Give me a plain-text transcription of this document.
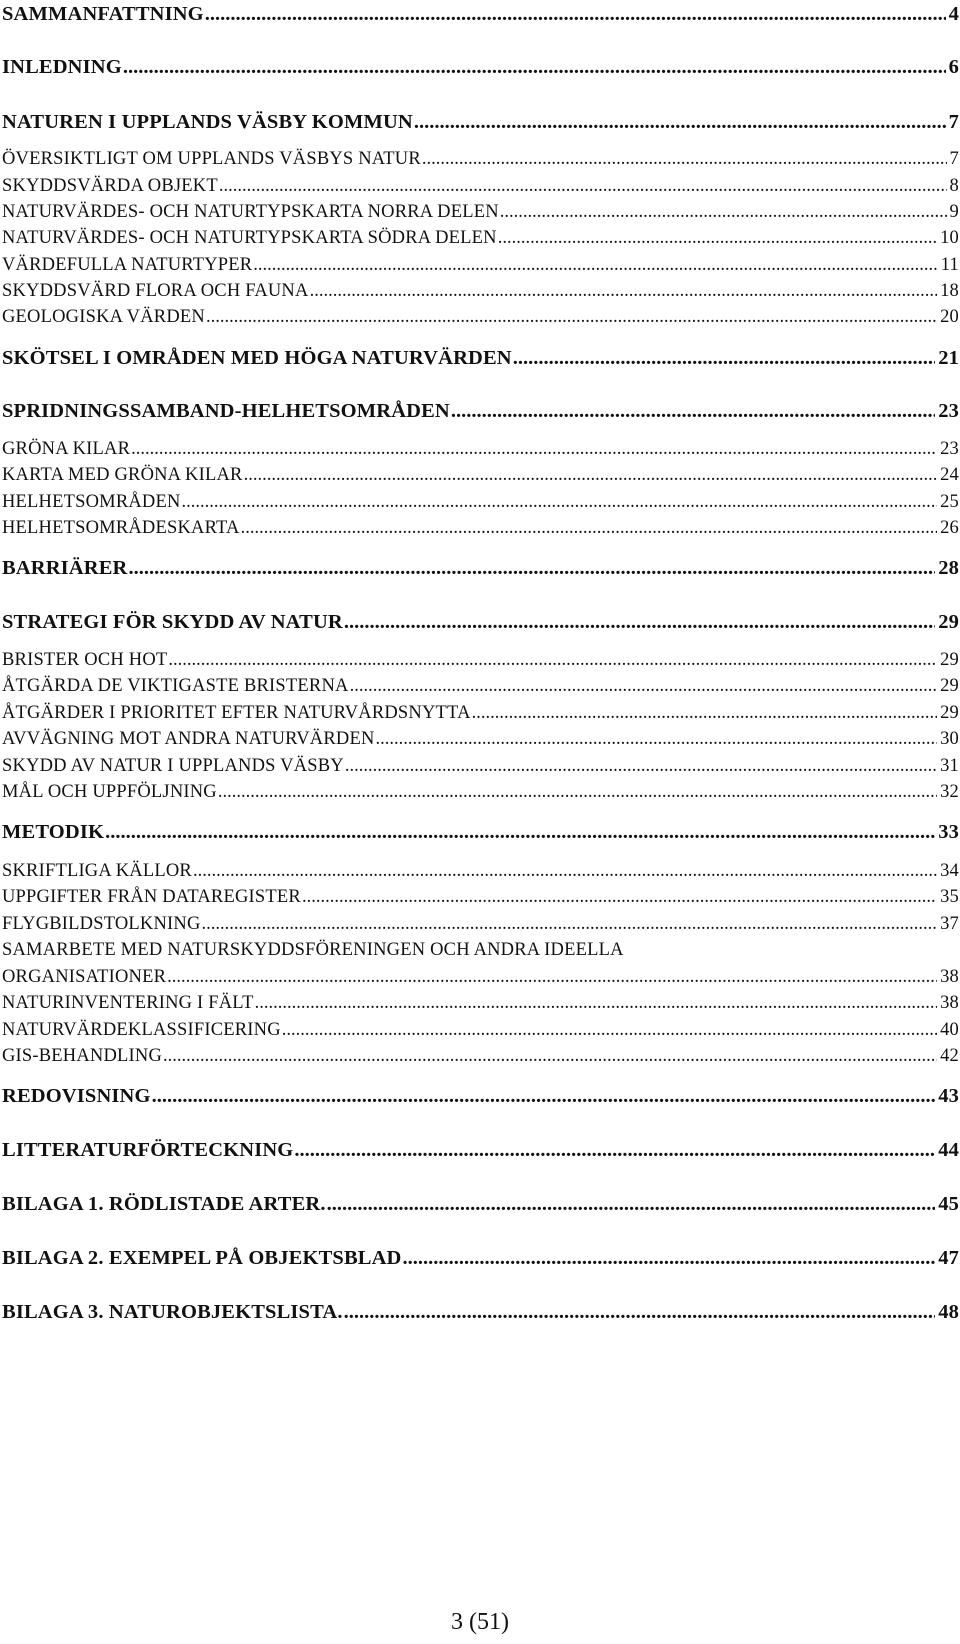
SAMMANFATTNING .....	4
INLEDNING .....	6
NATUREN I UPPLANDS VÄSBY KOMMUN .....	7
ÖVERSIKTLIGT OM UPPLANDS VÄSBYS NATUR .....	7
SKYDDSVÄRDA OBJEKT .....	8
NATURVÄRDES- OCH NATURTYPSKARTA NORRA DELEN .....	9
NATURVÄRDES- OCH NATURTYPSKARTA SÖDRA DELEN .....	10
VÄRDEFULLA NATURTYPER .....	11
SKYDDSVÄRD FLORA OCH FAUNA .....	18
GEOLOGISKA VÄRDEN .....	20
SKÖTSEL I OMRÅDEN MED HÖGA NATURVÄRDEN .....	21
SPRIDNINGSSAMBAND-HELHETSOMRÅDEN .....	23
GRÖNA KILAR .....	23
KARTA MED GRÖNA KILAR .....	24
HELHETSOMRÅDEN .....	25
HELHETSOMRÅDESKARTA .....	26
BARRIÄRER .....	28
STRATEGI FÖR SKYDD AV NATUR .....	29
BRISTER OCH HOT .....	29
ÅTGÄRDA DE VIKTIGASTE BRISTERNA .....	29
ÅTGÄRDER I PRIORITET EFTER NATURVÅRDSNYTTA .....	29
AVVÄGNING MOT ANDRA NATURVÄRDEN .....	30
SKYDD AV NATUR I UPPLANDS VÄSBY .....	31
MÅL OCH UPPFÖLJNING .....	32
METODIK .....	33
SKRIFTLIGA KÄLLOR .....	34
UPPGIFTER FRÅN DATAREGISTER .....	35
FLYGBILDSTOLKNING .....	37
SAMARBETE MED NATURSKYDDSFÖRENINGEN OCH ANDRA IDEELLA
ORGANISATIONER .....	38
NATURINVENTERING I FÄLT .....	38
NATURVÄRDEKLASSIFICERING .....	40
GIS-BEHANDLING .....	42
REDOVISNING .....	43
LITTERATURFÖRTECKNING .....	44
BILAGA 1. RÖDLISTADE ARTER. .....	45
BILAGA 2. EXEMPEL PÅ OBJEKTSBLAD .....	47
BILAGA 3. NATUROBJEKTSLISTA. .....	48
3 (51)
